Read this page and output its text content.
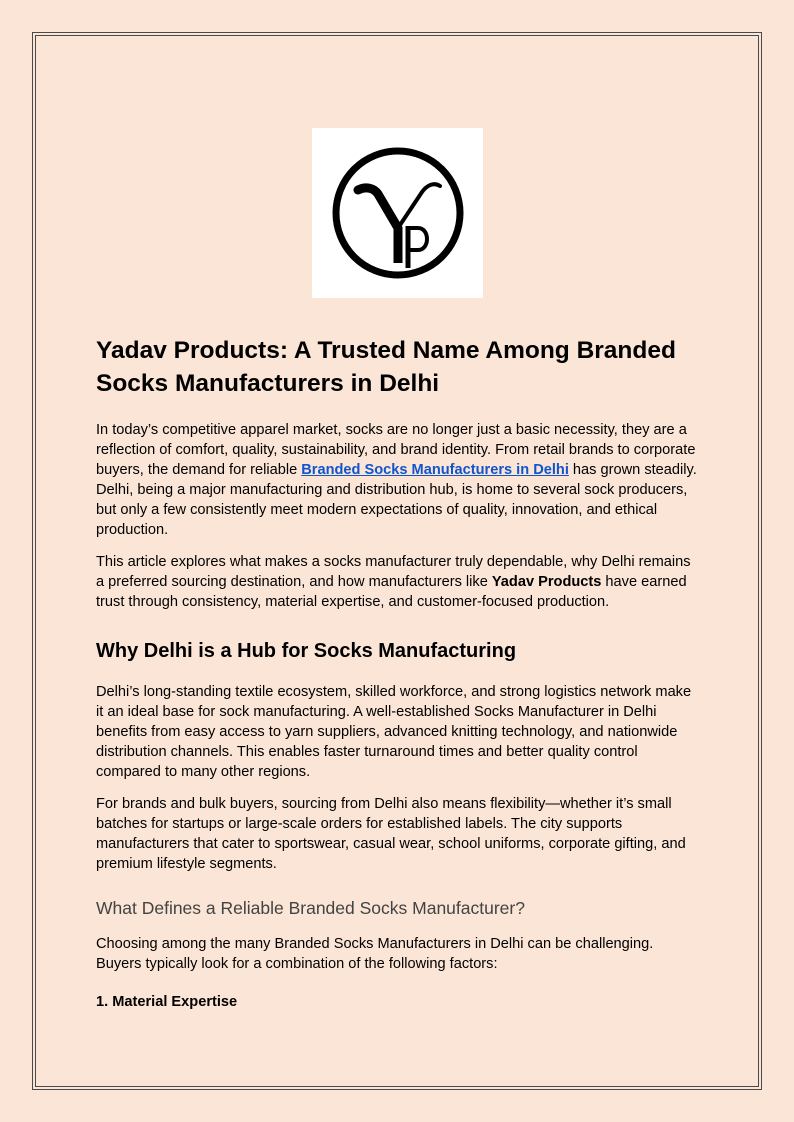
Yadav Products: A Trusted Name Among Branded Socks Manufacturers in Delhi

In today’s competitive apparel market, socks are no longer just a basic necessity, they are a reflection of comfort, quality, sustainability, and brand identity. From retail brands to corporate buyers, the demand for reliable Branded Socks Manufacturers in Delhi has grown steadily. Delhi, being a major manufacturing and distribution hub, is home to several sock producers, but only a few consistently meet modern expectations of quality, innovation, and ethical production.

This article explores what makes a socks manufacturer truly dependable, why Delhi remains a preferred sourcing destination, and how manufacturers like Yadav Products have earned trust through consistency, material expertise, and customer-focused production.

Why Delhi is a Hub for Socks Manufacturing

Delhi’s long-standing textile ecosystem, skilled workforce, and strong logistics network make it an ideal base for sock manufacturing. A well-established Socks Manufacturer in Delhi benefits from easy access to yarn suppliers, advanced knitting technology, and nationwide distribution channels. This enables faster turnaround times and better quality control compared to many other regions.

For brands and bulk buyers, sourcing from Delhi also means flexibility—whether it’s small batches for startups or large-scale orders for established labels. The city supports manufacturers that cater to sportswear, casual wear, school uniforms, corporate gifting, and premium lifestyle segments.

What Defines a Reliable Branded Socks Manufacturer?

Choosing among the many Branded Socks Manufacturers in Delhi can be challenging. Buyers typically look for a combination of the following factors:

1. Material Expertise
